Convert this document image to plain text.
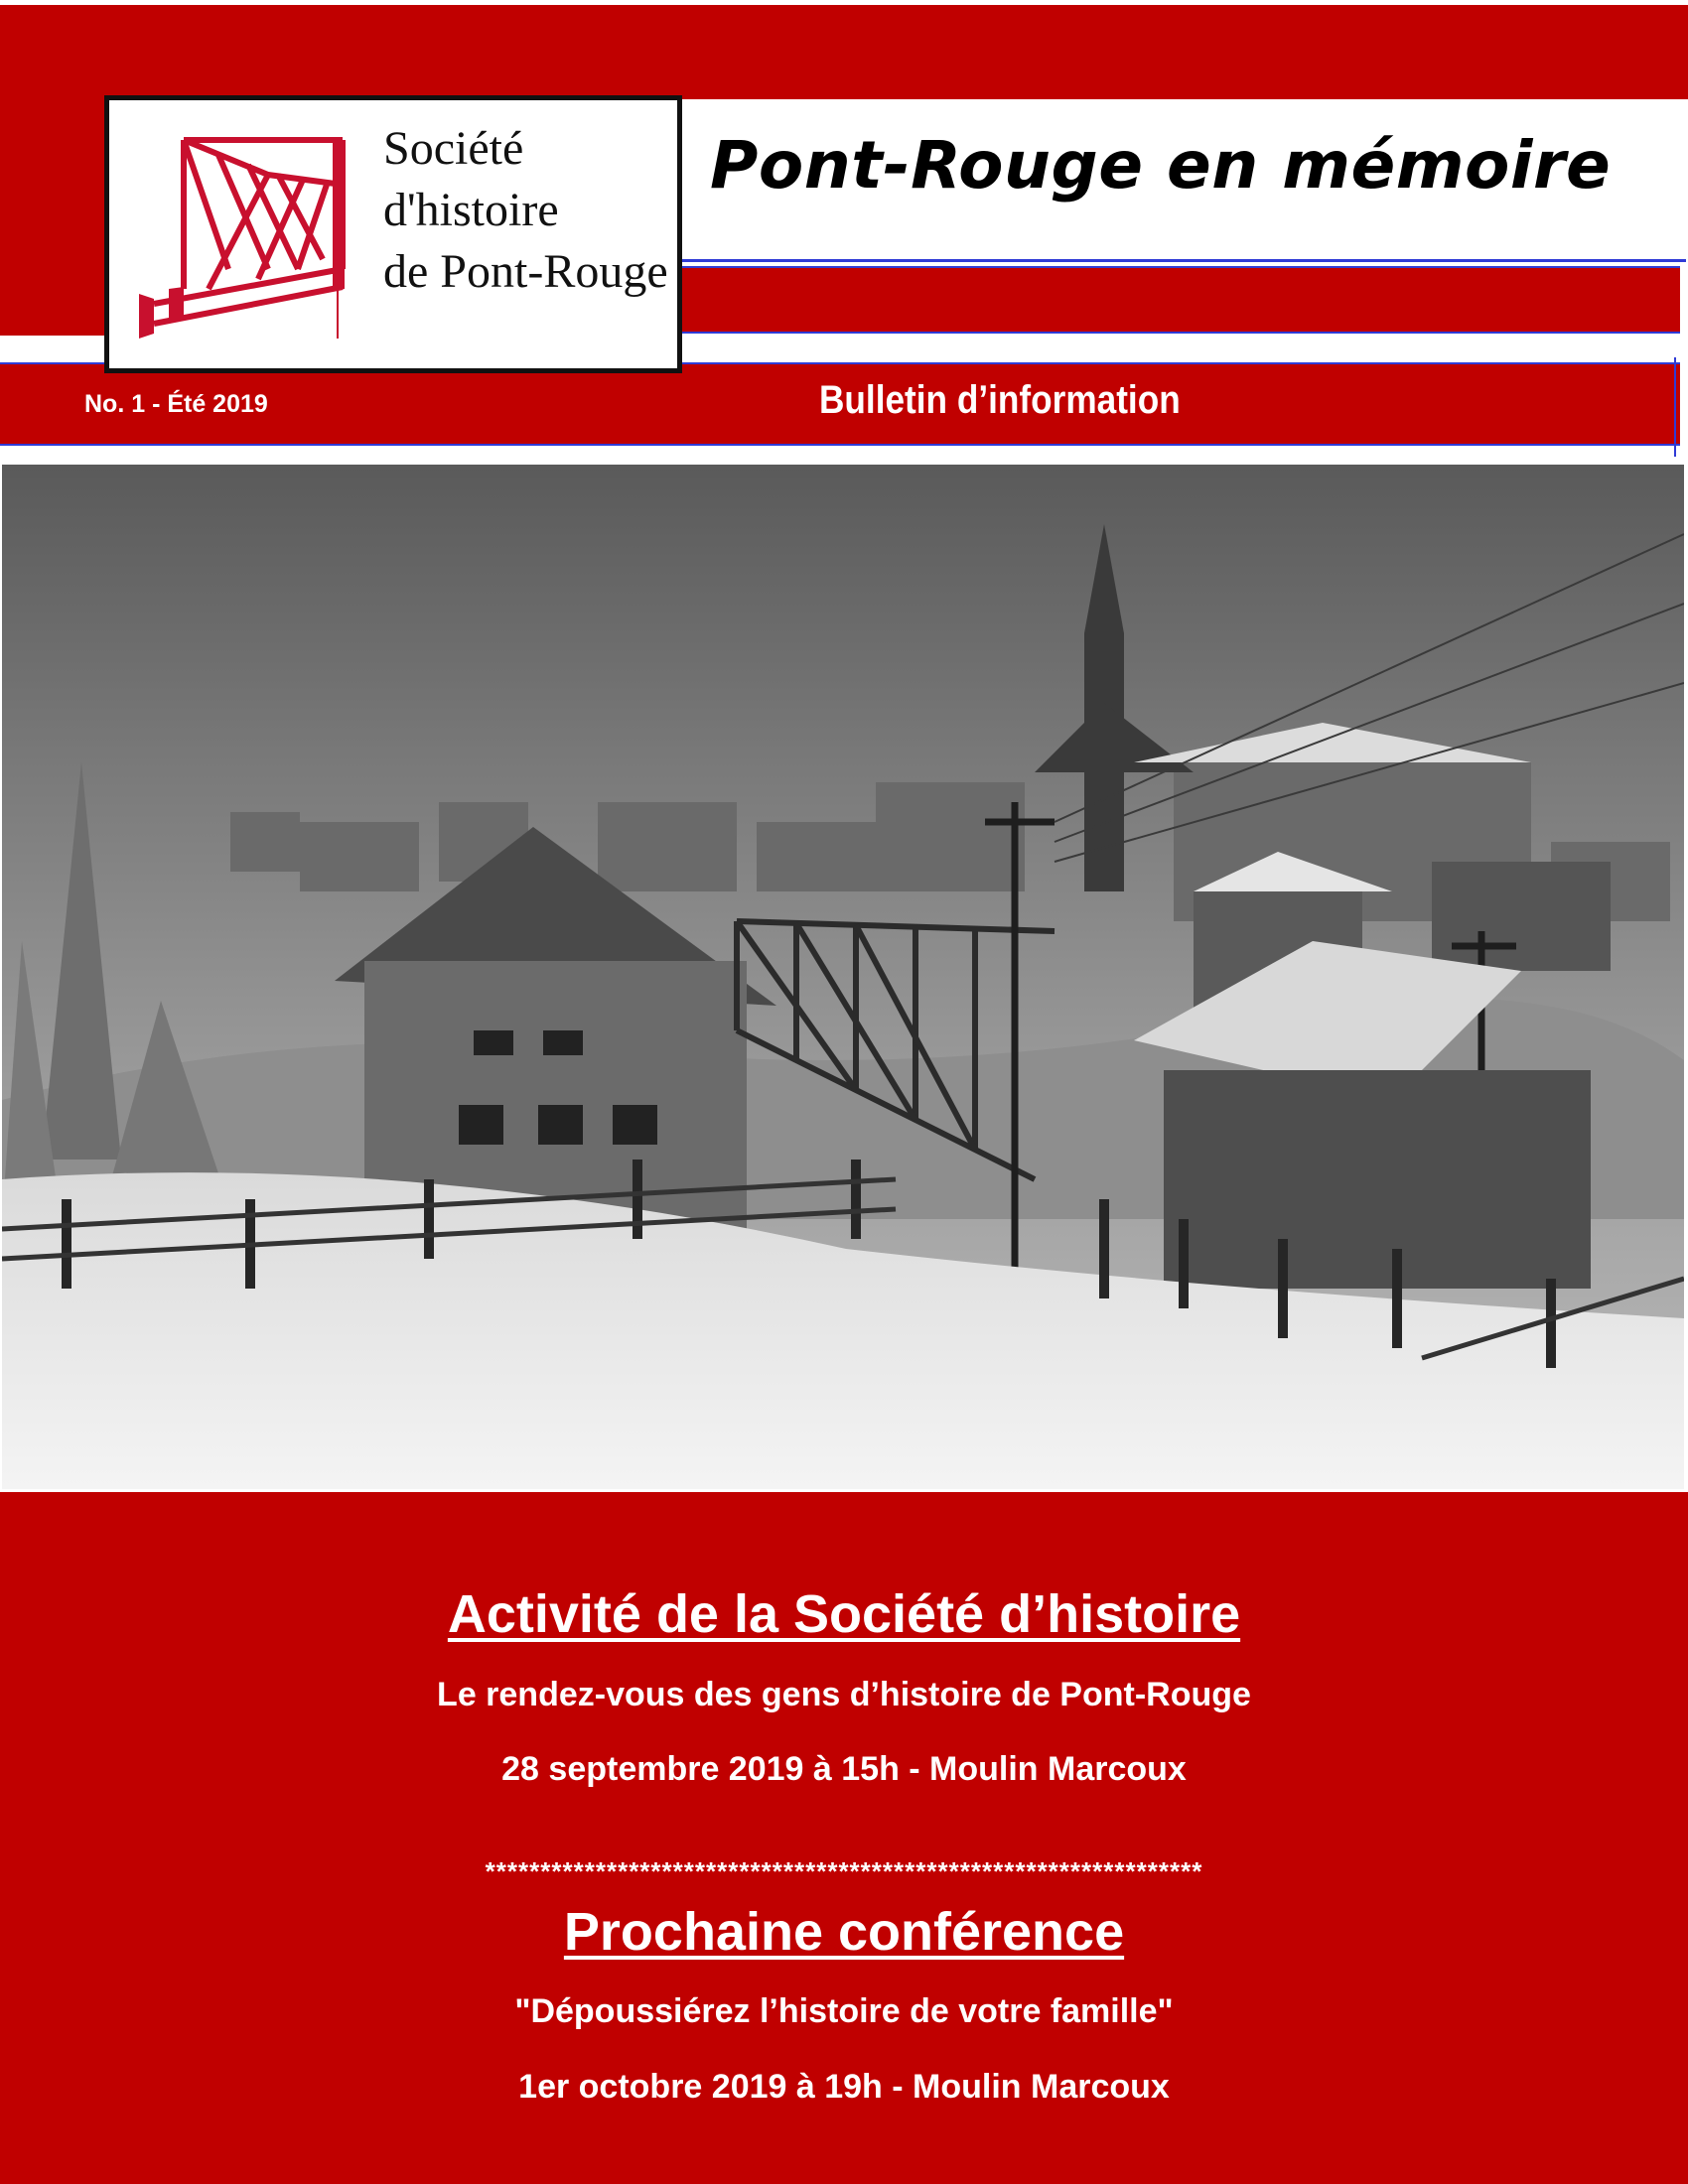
Pont-Rouge en mémoire
Société
d'histoire
de Pont-Rouge
No. 1 - Été 2019	Bulletin d’information
Activité de la Société d’histoire
Le rendez-vous des gens d’histoire de Pont-Rouge
28 septembre 2019 à 15h - Moulin Marcoux
*****************************************************************
Prochaine conférence
"Dépoussiérez l’histoire de votre famille"
1er octobre 2019 à 19h - Moulin Marcoux
